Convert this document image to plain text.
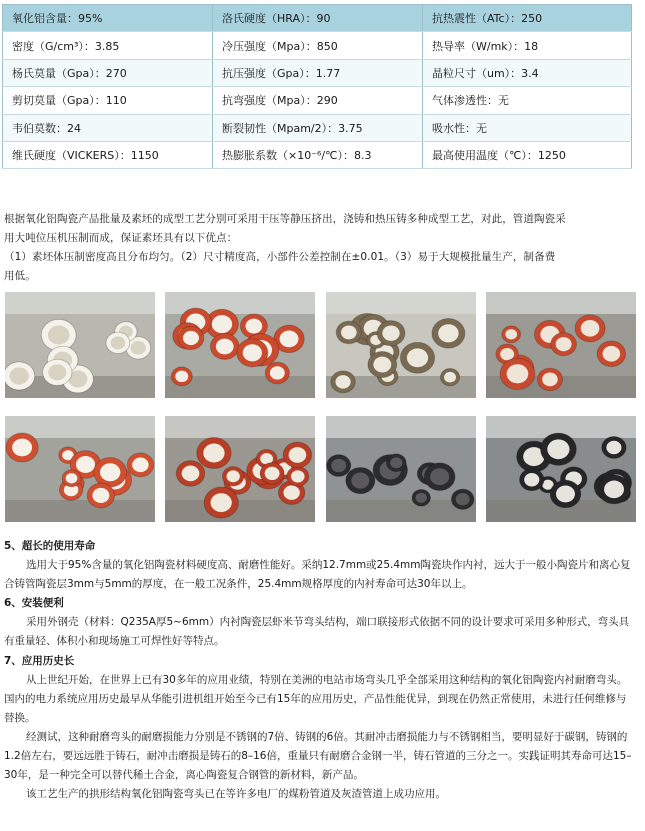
氧化铝含量：95%	洛氏硬度（HRA）：90	抗热震性（ATc）：250
密度（G/cm³）：3.85	冷压强度（Mpa）：850	热导率（W/mk）：18
杨氏莫量（Gpa）：270	抗压强度（Gpa）：1.77	晶粒尺寸（um）：3.4
剪切莫量（Gpa）：110	抗弯强度（Mpa）：290	气体渗透性：无
韦伯莫数：24	断裂韧性（Mpam/2）：3.75	吸水性：无
维氏硬度（VICKERS）：1150	热膨胀系数（×10⁻⁶/℃）：8.3	最高使用温度（℃）：1250

根据氧化铝陶瓷产品批量及素坯的成型工艺分别可采用干压等静压挤出，浇铸和热压铸多种成型工艺，对此，管道陶瓷采

用大吨位压机压制而成，保证素坯具有以下优点：

（1）素坯体压制密度高且分布均匀。（2）尺寸精度高，小部件公差控制在±0.01。（3）易于大规模批量生产，制备费

用低。

5、超长的使用寿命

选用大于95%含量的氧化铝陶瓷材料硬度高、耐磨性能好。采纳12.7mm或25.4mm陶瓷块作内衬，远大于一般小陶瓷片和离心复合铸管陶瓷层3mm与5mm的厚度，在一般工况条件，25.4mm规格厚度的内衬寿命可达30年以上。

6、安装便利

采用外钢壳（材料：Q235A厚5~6mm）内衬陶瓷层虾米节弯头结构，端口联接形式依据不同的设计要求可采用多种形式，弯头具有重量轻、体积小和现场施工可焊性好等特点。

7、应用历史长

从上世纪开始，在世界上已有30多年的应用业绩，特别在美洲的电站市场弯头几乎全部采用这种结构的氧化铝陶瓷内衬耐磨弯头。国内的电力系统应用历史最早从华能引进机组开始至今已有15年的应用历史，产品性能优异，到现在仍然正常使用，未进行任何维修与替换。

经测试，这种耐磨弯头的耐磨损能力分别是不锈钢的7倍、铸钢的6倍。其耐冲击磨损能力与不锈钢相当，要明显好于碳钢，铸钢的1.2倍左右，要远远胜于铸石，耐冲击磨损是铸石的8–16倍，重量只有耐磨合金钢一半，铸石管道的三分之一。实践证明其寿命可达15–30年，是一种完全可以替代稀土合金，离心陶瓷复合钢管的新材料，新产品。

该工艺生产的拱形结构氧化铝陶瓷弯头已在等许多电厂的煤粉管道及灰渣管道上成功应用。
